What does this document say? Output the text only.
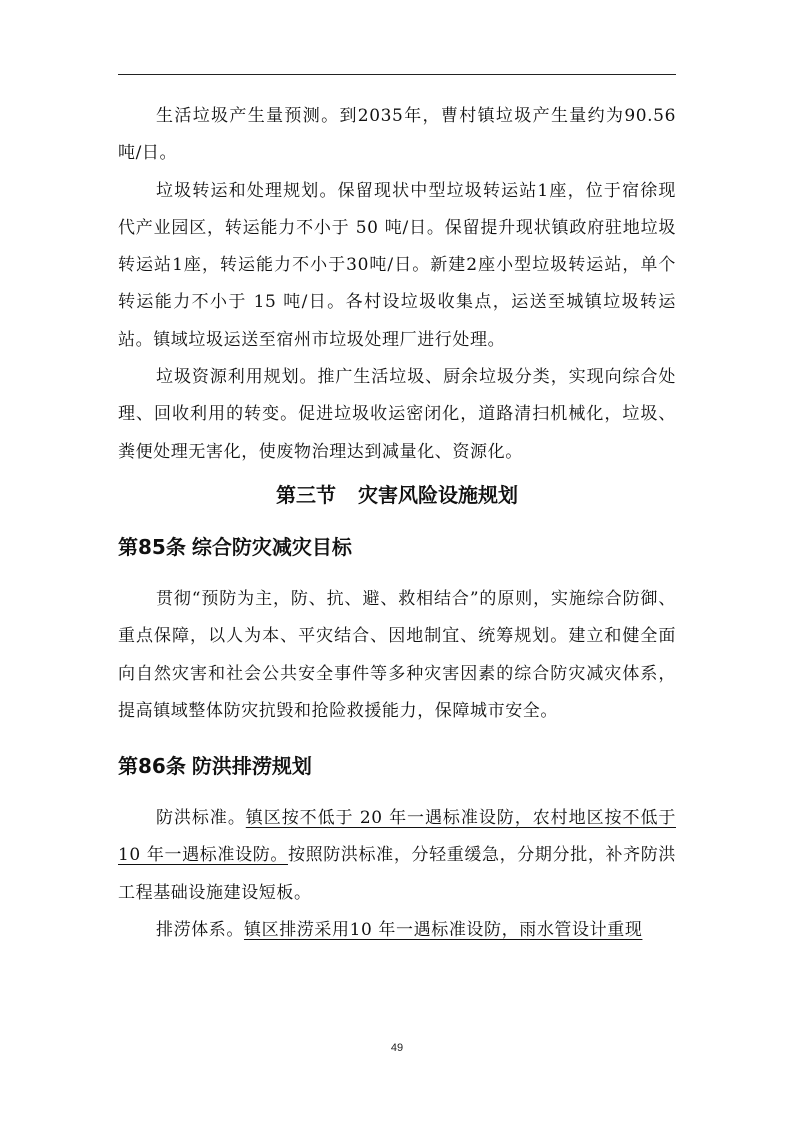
生活垃圾产生量预测。到2035年，曹村镇垃圾产生量约为90.56吨/日。

垃圾转运和处理规划。保留现状中型垃圾转运站1座，位于宿徐现代产业园区，转运能力不小于 50 吨/日。保留提升现状镇政府驻地垃圾转运站1座，转运能力不小于30吨/日。新建2座小型垃圾转运站，单个转运能力不小于 15 吨/日。各村设垃圾收集点，运送至城镇垃圾转运站。镇域垃圾运送至宿州市垃圾处理厂进行处理。

垃圾资源利用规划。推广生活垃圾、厨余垃圾分类，实现向综合处理、回收利用的转变。促进垃圾收运密闭化，道路清扫机械化，垃圾、粪便处理无害化，使废物治理达到减量化、资源化。

第三节 灾害风险设施规划
第85条 综合防灾减灾目标

贯彻“预防为主，防、抗、避、救相结合”的原则，实施综合防御、重点保障，以人为本、平灾结合、因地制宜、统筹规划。建立和健全面向自然灾害和社会公共安全事件等多种灾害因素的综合防灾减灾体系，提高镇域整体防灾抗毁和抢险救援能力，保障城市安全。

第86条 防洪排涝规划

防洪标准。镇区按不低于 20 年一遇标准设防，农村地区按不低于 10 年一遇标准设防。按照防洪标准，分轻重缓急，分期分批，补齐防洪工程基础设施建设短板。

排涝体系。镇区排涝采用10 年一遇标准设防，雨水管设计重现

49
